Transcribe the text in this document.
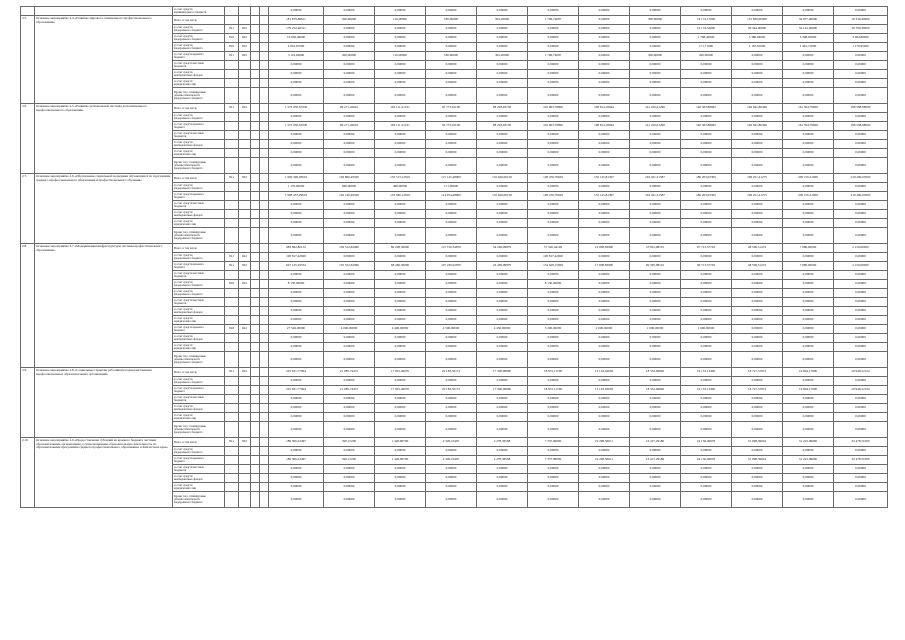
		за счет средств
муниципального бюджета					0,00000	0,00000	0,00000	0,00000	0,00000	0,00000	0,00000	0,00000	0,00000	0,00000	0,00000	0,00000
2.5.	Основное мероприятие 2.4 «Развитие мирового специального профессионального образования»	Всего, в том числе					181 879,86611	200,00000	116,00000	180,00000	393,20000	1 706,74687	0,00000	300,00000	19 174,17000	151 836,00000	39 877,00000	16 330,40000
		за счет средств
федерального бюджета	811	022			179 252,46311	0,00000	0,00000	0,00000	0,00000	0,00000	0,00000	0,00000	19 174,54000	36 344,00000	50 161,00000	30 780,36000
		за счет средств
федерального бюджета	816	022			16 036,49000	0,00000	0,00000	0,00000	0,00000	0,00000	0,00000	0,00000	1 768,40000	5 380,04000	5 398,05000	3 484,80000
		за счет средств
федерального бюджета	816	022			4 661,67000	0,00000	0,00000	0,00000	0,00000	0,00000	0,00000	0,00000	171,71000	1 167,61000	1 461,71000	1 179,95000
		за счет средств краевого
бюджета	811	022			3 116,94600	200,00000	116,00000	180,00000	393,20000	1 706,74687	0,00000	300,00000	200,00000	0,00000	0,00000	0,00000
		за счет средств местных
бюджетов					0,00000	0,00000	0,00000	0,00000	0,00000	0,00000	0,00000	0,00000	0,00000	0,00000	0,00000	0,00000
		за счет средств
внебюджетных фондов					0,00000	0,00000	0,00000	0,00000	0,00000	0,00000	0,00000	0,00000	0,00000	0,00000	0,00000	0,00000
		за счет средств
юридических лиц					0,00000	0,00000	0,00000	0,00000	0,00000	0,00000	0,00000	0,00000	0,00000	0,00000	0,00000	0,00000
		Кроме того, планируемые
объемы обязательств
федерального бюджета					0,00000	0,00000	0,00000	0,00000	0,00000	0,00000	0,00000	0,00000	0,00000	0,00000	0,00000	0,00000
2.6.	Основное мероприятие 2.5 «Развитие региональной системы дополнительного профессионального образования»	Всего, в том числе	811	022			1 572 050,67936	99 271,42610	103 111,51231	95 773,91100	98 293,63130	102 903,78800	108 814,18944	141 220,01296	140 563,88962	146 941,86306	161 594,79600	186 598,98000
		за счет средств
федерального бюджета					0,00000	0,00000	0,00000	0,00000	0,00000	0,00000	0,00000	0,00000	0,00000	0,00000	0,00000	0,00000
		за счет средств краевого
бюджета					1 572 050,67936	99 271,42610	103 111,51231	95 773,91100	98 293,63130	102 903,78800	108 814,18944	141 220,01296	140 563,88962	146 941,86306	161 594,79600	186 598,98000
		за счет средств местных
бюджетов					0,00000	0,00000	0,00000	0,00000	0,00000	0,00000	0,00000	0,00000	0,00000	0,00000	0,00000	0,00000
		за счет средств
внебюджетных фондов					0,00000	0,00000	0,00000	0,00000	0,00000	0,00000	0,00000	0,00000	0,00000	0,00000	0,00000	0,00000
		за счет средств
юридических лиц					0,00000	0,00000	0,00000	0,00000	0,00000	0,00000	0,00000	0,00000	0,00000	0,00000	0,00000	0,00000
		Кроме того, планируемые
объемы обязательств
федерального бюджета					0,00000	0,00000	0,00000	0,00000	0,00000	0,00000	0,00000	0,00000	0,00000	0,00000	0,00000	0,00000
2.7.	Основное мероприятие 2.6 «Обеспечение социальной поддержки обучающихся по программам среднего профессионального образования и профессионального обучения»	Всего, в том числе	811	022			1 909 396,93610	126 800,49500	133 513,12810	115 125,48000	132 626,00150	128 476,76629	152 145,81397	163 431,21587	180 203,03305	199 251,41275	209 156,31000	219 290,05000
		за счет средств
федерального бюджета					1 176,00000	660,00000	466,00000	171,00000	0,00000	0,00000	0,00000	0,00000	0,00000	0,00000	0,00000	0,00000
		за счет средств краевого
бюджета					1 908 457,29610	126 140,49500	133 046,12810	114 954,48000	132 626,00150	128 476,76629	152 145,81397	163 431,21587	180 203,03305	199 251,41275	209 156,31000	219 290,05000
		за счет средств местных
бюджетов					0,00000	0,00000	0,00000	0,00000	0,00000	0,00000	0,00000	0,00000	0,00000	0,00000	0,00000	0,00000
		за счет средств
внебюджетных фондов					0,00000	0,00000	0,00000	0,00000	0,00000	0,00000	0,00000	0,00000	0,00000	0,00000	0,00000	0,00000
		за счет средств
юридических лиц					0,00000	0,00000	0,00000	0,00000	0,00000	0,00000	0,00000	0,00000	0,00000	0,00000	0,00000	0,00000
		Кроме того, планируемые
объемы обязательств
федерального бюджета					0,00000	0,00000	0,00000	0,00000	0,00000	0,00000	0,00000	0,00000	0,00000	0,00000	0,00000	0,00000
2.8.	Основное мероприятие 2.7 «Модернизация инфраструктуры системы профессионального образования»	Всего, в том числе					983 892,80152	139 512,62960	80 208,50000	115 756,34870	54 206,09879	57 320,44199	10 098,83900	53 801,08125	97 713,57702	48 596,51474	7 080,00000	2 150,00000
		за счет средств
федерального бюджета	811	022			100 817,42600	0,00000	0,00000	0,00000	0,00000	100 817,42600	0,00000	0,00000	0,00000	0,00000	0,00000	0,00000
		за счет средств краевого
бюджета	811	022			647 145,29552	135 552,62960	68 466,50000	107 236,92870	43 469,09879	154 628,15699	17 098,83900	90 395,08125	96 713,57702	48 596,51474	7 080,00000	2 150,00000
		за счет средств местных
бюджетов					0,00000	0,00000	0,00000	0,00000	0,00000	0,00000	0,00000	0,00000	0,00000	0,00000	0,00000	0,00000
		за счет средств
федерального бюджета	816	022			8 130,00000	0,00000	0,00000	0,00000	0,00000	8 130,00000	0,00000	0,00000	0,00000	0,00000	0,00000	0,00000
		за счет средств
федерального бюджета					0,00000	0,00000	0,00000	0,00000	0,00000	0,00000	0,00000	0,00000	0,00000	0,00000	0,00000	0,00000
		за счет средств местных
бюджетов					0,00000	0,00000	0,00000	0,00000	0,00000	0,00000	0,00000	0,00000	0,00000	0,00000	0,00000	0,00000
		за счет средств
внебюджетных фондов					0,00000	0,00000	0,00000	0,00000	0,00000	0,00000	0,00000	0,00000	0,00000	0,00000	0,00000	0,00000
		за счет средств
юридических лиц					0,00000	0,00000	0,00000	0,00000	0,00000	0,00000	0,00000	0,00000	0,00000	0,00000	0,00000	0,00000
		за счет средств краевого
бюджета	816	022			27 549,00000	4 000,00000	4 400,00000	4 500,00000	4 450,00000	5 200,00000	2 000,00000	1 000,00000	1 000,00000	0,00000	0,00000	0,00000
		за счет средств
внебюджетных фондов					0,00000	0,00000	0,00000	0,00000	0,00000	0,00000	0,00000	0,00000	0,00000	0,00000	0,00000	0,00000
		за счет средств
юридических лиц					0,00000	0,00000	0,00000	0,00000	0,00000	0,00000	0,00000	0,00000	0,00000	0,00000	0,00000	0,00000
		Кроме того, планируемые
объемы обязательств
федерального бюджета					0,00000	0,00000	0,00000	0,00000	0,00000	0,00000	0,00000	0,00000	0,00000	0,00000	0,00000	0,00000
2.9.	Основное мероприятие 2.8 «Социальные гарантии работникам подведомственных профессиональных образовательных организаций»	Всего, в том числе	811	022			225 631,77904	21 085,74472	17 901,49970	20 183,32173	17 390,99990	18 872,11700	15 143,02639	18 352,06846	19 153,13400	18 727,57873	19 804,17000	20 949,52124
		за счет средств
федерального бюджета					0,00000	0,00000	0,00000	0,00000	0,00000	0,00000	0,00000	0,00000	0,00000	0,00000	0,00000	0,00000
		за счет средств краевого
бюджета					225 631,77904	21 085,74472	17 901,49970	20 183,32173	17 390,99990	18 872,11700	15 143,02639	18 352,06846	19 153,13400	18 727,57873	19 804,17000	20 949,52124
		за счет средств местных
бюджетов					0,00000	0,00000	0,00000	0,00000	0,00000	0,00000	0,00000	0,00000	0,00000	0,00000	0,00000	0,00000
		за счет средств
внебюджетных фондов					0,00000	0,00000	0,00000	0,00000	0,00000	0,00000	0,00000	0,00000	0,00000	0,00000	0,00000	0,00000
		за счет средств
юридических лиц					0,00000	0,00000	0,00000	0,00000	0,00000	0,00000	0,00000	0,00000	0,00000	0,00000	0,00000	0,00000
		Кроме того, планируемые
объемы обязательств
федерального бюджета					0,00000	0,00000	0,00000	0,00000	0,00000	0,00000	0,00000	0,00000	0,00000	0,00000	0,00000	0,00000
2.10.	Основное мероприятие 2.9 «Предоставление субсидий из краевого бюджета частным образовательным организациям, осуществляющим образовательную деятельность по образовательным программам среднего профессионального образования, в Камчатском крае»	Всего, в том числе	811	022			189 306,23497	590,15200	1 426,80700	2 326,19497	2 278,36568	7 337,99000	19 298,56611	16 417,29186	24 156,49978	31 098,39024	31 201,09000	32 478,51000
		за счет средств
федерального бюджета					0,00000	0,00000	0,00000	0,00000	0,00000	0,00000	0,00000	0,00000	0,00000	0,00000	0,00000	0,00000
		за счет средств краевого
бюджета					189 306,23497	590,15200	1 426,80700	2 326,19497	2 278,36568	7 337,99000	19 298,56611	16 417,29186	24 156,49978	31 098,39024	31 201,09000	32 478,51000
		за счет средств местных
бюджетов					0,00000	0,00000	0,00000	0,00000	0,00000	0,00000	0,00000	0,00000	0,00000	0,00000	0,00000	0,00000
		за счет средств
внебюджетных фондов					0,00000	0,00000	0,00000	0,00000	0,00000	0,00000	0,00000	0,00000	0,00000	0,00000	0,00000	0,00000
		за счет средств
юридических лиц					0,00000	0,00000	0,00000	0,00000	0,00000	0,00000	0,00000	0,00000	0,00000	0,00000	0,00000	0,00000
		Кроме того, планируемые
объемы обязательств
федерального бюджета					0,00000	0,00000	0,00000	0,00000	0,00000	0,00000	0,00000	0,00000	0,00000	0,00000	0,00000	0,00000
